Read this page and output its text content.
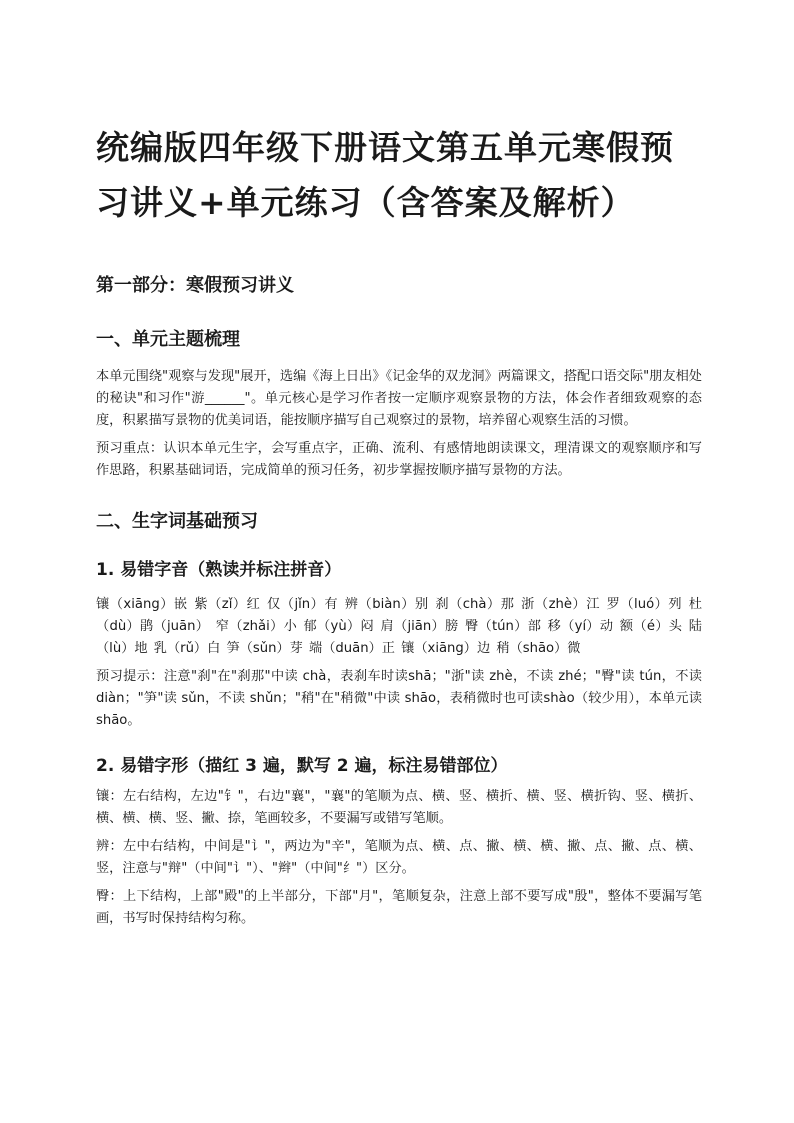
统编版四年级下册语文第五单元寒假预习讲义+单元练习（含答案及解析）
第一部分：寒假预习讲义
一、单元主题梳理
本单元围绕"观察与发现"展开，选编《海上日出》《记金华的双龙洞》两篇课文，搭配口语交际"朋友相处的秘诀"和习作"游______"。单元核心是学习作者按一定顺序观察景物的方法，体会作者细致观察的态度，积累描写景物的优美词语，能按顺序描写自己观察过的景物，培养留心观察生活的习惯。
预习重点：认识本单元生字，会写重点字，正确、流利、有感情地朗读课文，理清课文的观察顺序和写作思路，积累基础词语，完成简单的预习任务，初步掌握按顺序描写景物的方法。
二、生字词基础预习
1. 易错字音（熟读并标注拼音）
镶（xiāng）嵌 紫（zǐ）红 仅（jǐn）有 辨（biàn）别 刹（chà）那 浙（zhè）江 罗（luó）列 杜（dù）鹃（juān） 窄（zhǎi）小 郁（yù）闷 肩（jiān）膀 臀（tún）部 移（yí）动 额（é）头 陆（lù）地 乳（rǔ）白 笋（sǔn）芽 端（duān）正 镶（xiāng）边 稍（shāo）微
预习提示：注意"刹"在"刹那"中读 chà，表刹车时读shā；"浙"读 zhè，不读 zhé；"臀"读 tún，不读 diàn；"笋"读 sǔn，不读 shǔn；"稍"在"稍微"中读 shāo，表稍微时也可读shào（较少用），本单元读shāo。
2. 易错字形（描红 3 遍，默写 2 遍，标注易错部位）
镶：左右结构，左边"钅"，右边"襄"，"襄"的笔顺为点、横、竖、横折、横、竖、横折钩、竖、横折、横、横、横、竖、撇、捺，笔画较多，不要漏写或错写笔顺。
辨：左中右结构，中间是"讠"，两边为"辛"，笔顺为点、横、点、撇、横、横、撇、点、撇、点、横、竖，注意与"辩"（中间"讠"）、"辫"（中间"纟"）区分。
臀：上下结构，上部"殿"的上半部分，下部"月"，笔顺复杂，注意上部不要写成"殷"，整体不要漏写笔画，书写时保持结构匀称。
